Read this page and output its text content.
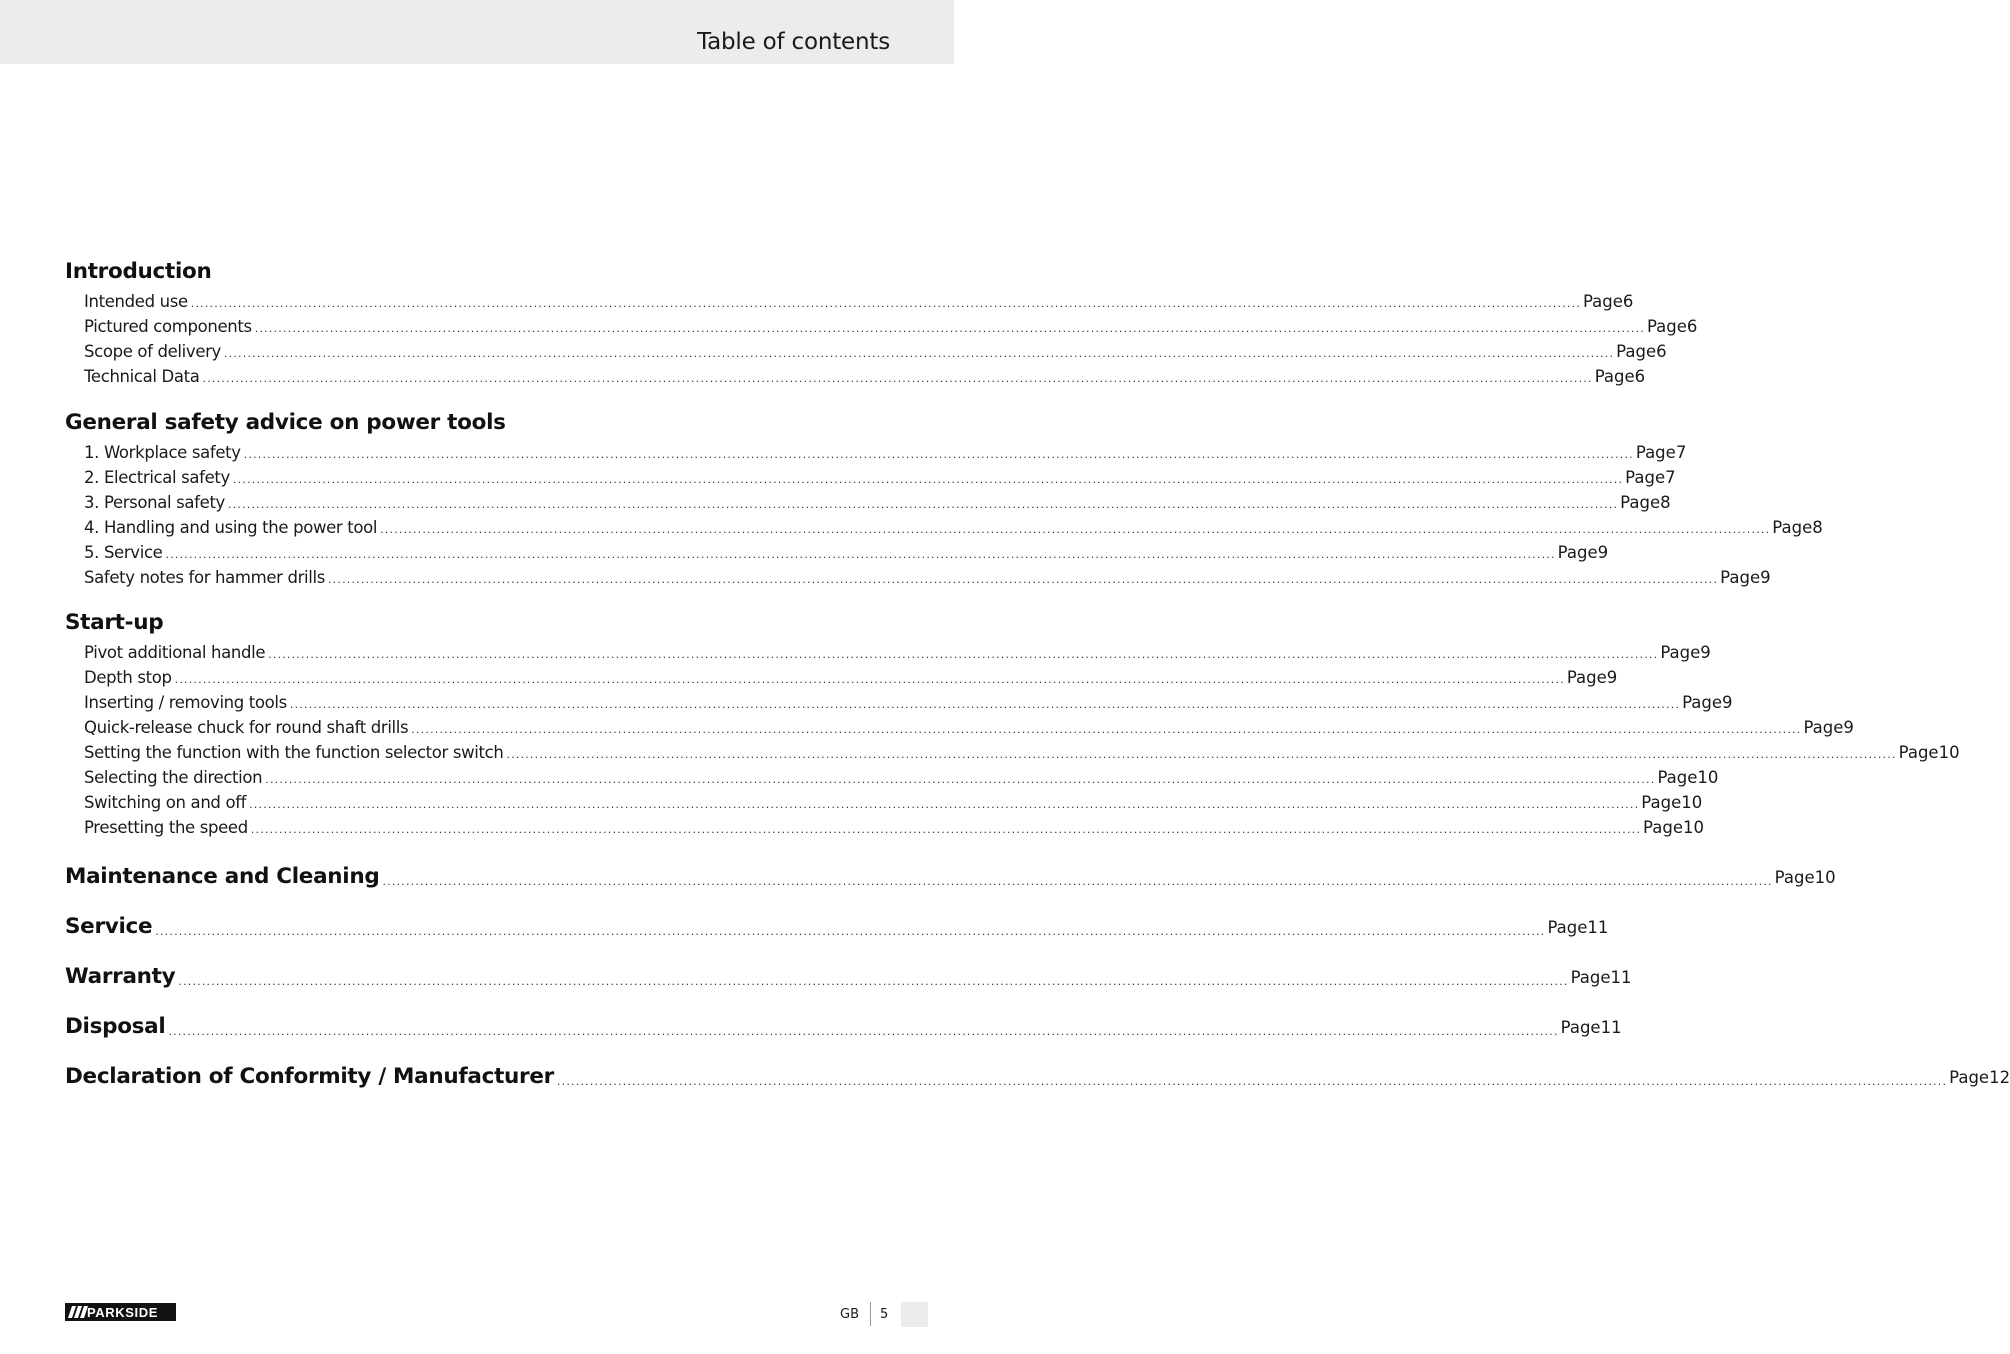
Table of contents
Introduction
Intended use ........................................................................................................................................................................................................................................................................................................ Page 6
Pictured components ........................................................................................................................................................................................................................................................................................................ Page 6
Scope of delivery ........................................................................................................................................................................................................................................................................................................ Page 6
Technical Data ........................................................................................................................................................................................................................................................................................................ Page 6
General safety advice on power tools
1. Workplace safety ........................................................................................................................................................................................................................................................................................................ Page 7
2. Electrical safety ........................................................................................................................................................................................................................................................................................................ Page 7
3. Personal safety ........................................................................................................................................................................................................................................................................................................ Page 8
4. Handling and using the power tool ........................................................................................................................................................................................................................................................................................................ Page 8
5. Service ........................................................................................................................................................................................................................................................................................................ Page 9
Safety notes for hammer drills ........................................................................................................................................................................................................................................................................................................ Page 9
Start-up
Pivot additional handle ........................................................................................................................................................................................................................................................................................................ Page 9
Depth stop ........................................................................................................................................................................................................................................................................................................ Page 9
Inserting / removing tools ........................................................................................................................................................................................................................................................................................................ Page 9
Quick-release chuck for round shaft drills ........................................................................................................................................................................................................................................................................................................ Page 9
Setting the function with the function selector switch ........................................................................................................................................................................................................................................................................................................ Page 10
Selecting the direction ........................................................................................................................................................................................................................................................................................................ Page 10
Switching on and off ........................................................................................................................................................................................................................................................................................................ Page 10
Presetting the speed ........................................................................................................................................................................................................................................................................................................ Page 10
Maintenance and Cleaning ........................................................................................................................................................................................................................................................................................................ Page 10
Service ........................................................................................................................................................................................................................................................................................................ Page 11
Warranty ........................................................................................................................................................................................................................................................................................................ Page 11
Disposal ........................................................................................................................................................................................................................................................................................................ Page 11
Declaration of Conformity / Manufacturer ........................................................................................................................................................................................................................................................................................................ Page 12
PARKSIDE	GB 5
